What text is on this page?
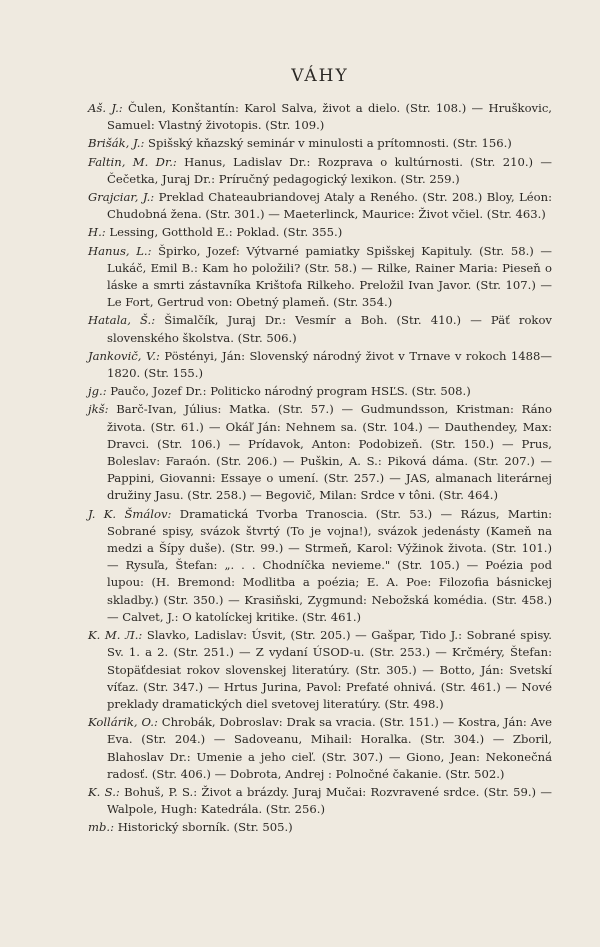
VÁHY

Aš. J.: Čulen, Konštantín: Karol Salva, život a dielo. (Str. 108.) — Hruškovic, Samuel: Vlastný životopis. (Str. 109.)

Brišák, J.: Spišský kňazský seminár v minulosti a prítomnosti. (Str. 156.)

Faltin, M. Dr.: Hanus, Ladislav Dr.: Rozprava o kultúrnosti. (Str. 210.) — Čečetka, Juraj Dr.: Príručný pedagogický lexikon. (Str. 259.)

Grajciar, J.: Preklad Chateaubriandovej Ataly a Reného. (Str. 208.) Bloy, Léon: Chudobná žena. (Str. 301.) — Maeterlinck, Maurice: Život včiel. (Str. 463.)

H.: Lessing, Gotthold E.: Poklad. (Str. 355.)

Hanus, L.: Špirko, Jozef: Výtvarné pamiatky Spišskej Kapituly. (Str. 58.) — Lukáč, Emil B.: Kam ho položili? (Str. 58.) — Rilke, Rainer Maria: Pieseň o láske a smrti zástavníka Krištofa Rilkeho. Preložil Ivan Javor. (Str. 107.) — Le Fort, Gertrud von: Obetný plameň. (Str. 354.)

Hatala, Š.: Šimalčík, Juraj Dr.: Vesmír a Boh. (Str. 410.) — Päť rokov slovenského školstva. (Str. 506.)

Jankovič, V.: Pöstényi, Ján: Slovenský národný život v Trnave v rokoch 1488—1820. (Str. 155.)

jg.: Paučo, Jozef Dr.: Politicko národný program HSĽS. (Str. 508.)

jkš: Barč-Ivan, Július: Matka. (Str. 57.) — Gudmundsson, Kristman: Ráno života. (Str. 61.) — Okáľ Ján: Nehnem sa. (Str. 104.) — Dauthendey, Max: Dravci. (Str. 106.) — Prídavok, Anton: Podobizeň. (Str. 150.) — Prus, Boleslav: Faraón. (Str. 206.) — Puškin, A. S.: Piková dáma. (Str. 207.) — Pappini, Giovanni: Essaye o umení. (Str. 257.) — JAS, almanach literárnej družiny Jasu. (Str. 258.) — Begovič, Milan: Srdce v tôni. (Str. 464.)

J. K. Šmálov: Dramatická Tvorba Tranoscia. (Str. 53.) — Rázus, Martin: Sobrané spisy, svázok štvrtý (To je vojna!), svázok jedenásty (Kameň na medzi a Šípy duše). (Str. 99.) — Strmeň, Karol: Výžinok života. (Str. 101.) — Rysuľa, Štefan: „. . . Chodníčka nevieme." (Str. 105.) — Poézia pod lupou: (H. Bremond: Modlitba a poézia; E. A. Poe: Filozofia básnickej skladby.) (Str. 350.) — Krasiňski, Zygmund: Nebožská komédia. (Str. 458.) — Calvet, J.: O katolíckej kritike. (Str. 461.)

K. M. Л.: Slavko, Ladislav: Úsvit, (Str. 205.) — Gašpar, Tido J.: Sobrané spisy. Sv. 1. a 2. (Str. 251.) — Z vydaní ÚSOD-u. (Str. 253.) — Krčméry, Štefan: Stopäťdesiat rokov slovenskej literatúry. (Str. 305.) — Botto, Ján: Svetskí víťaz. (Str. 347.) — Hrtus Jurina, Pavol: Prefaté ohnivá. (Str. 461.) — Nové preklady dramatických diel svetovej literatúry. (Str. 498.)

Kollárik, O.: Chrobák, Dobroslav: Drak sa vracia. (Str. 151.) — Kostra, Ján: Ave Eva. (Str. 204.) — Sadoveanu, Mihail: Horalka. (Str. 304.) — Zboril, Blahoslav Dr.: Umenie a jeho cieľ. (Str. 307.) — Giono, Jean: Nekonečná radosť. (Str. 406.) — Dobrota, Andrej : Polnočné čakanie. (Str. 502.)

K. S.: Bohuš, P. S.: Život a brázdy. Juraj Mučai: Rozvravené srdce. (Str. 59.) — Walpole, Hugh: Katedrála. (Str. 256.)

mb.: Historický sborník. (Str. 505.)
